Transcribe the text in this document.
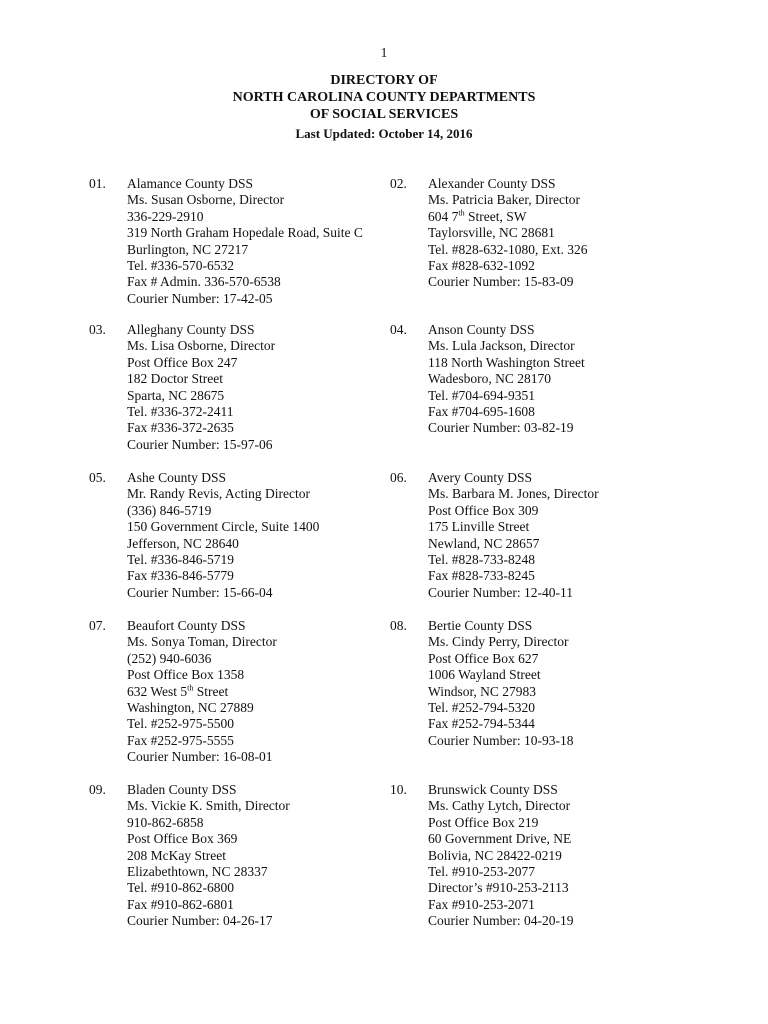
1
DIRECTORY OF
NORTH CAROLINA COUNTY DEPARTMENTS
OF SOCIAL SERVICES
Last Updated: October 14, 2016
01. Alamance County DSS
Ms. Susan Osborne, Director
336-229-2910
319 North Graham Hopedale Road, Suite C
Burlington, NC 27217
Tel. #336-570-6532
Fax # Admin. 336-570-6538
Courier Number: 17-42-05
02. Alexander County DSS
Ms. Patricia Baker, Director
604 7th Street, SW
Taylorsville, NC 28681
Tel. #828-632-1080, Ext. 326
Fax #828-632-1092
Courier Number: 15-83-09
03. Alleghany County DSS
Ms. Lisa Osborne, Director
Post Office Box 247
182 Doctor Street
Sparta, NC 28675
Tel. #336-372-2411
Fax #336-372-2635
Courier Number: 15-97-06
04. Anson County DSS
Ms. Lula Jackson, Director
118 North Washington Street
Wadesboro, NC 28170
Tel. #704-694-9351
Fax #704-695-1608
Courier Number: 03-82-19
05. Ashe County DSS
Mr. Randy Revis, Acting Director
(336) 846-5719
150 Government Circle, Suite 1400
Jefferson, NC 28640
Tel. #336-846-5719
Fax #336-846-5779
Courier Number: 15-66-04
06. Avery County DSS
Ms. Barbara M. Jones, Director
Post Office Box 309
175 Linville Street
Newland, NC 28657
Tel. #828-733-8248
Fax #828-733-8245
Courier Number: 12-40-11
07. Beaufort County DSS
Ms. Sonya Toman, Director
(252) 940-6036
Post Office Box 1358
632 West 5th Street
Washington, NC 27889
Tel. #252-975-5500
Fax #252-975-5555
Courier Number: 16-08-01
08. Bertie County DSS
Ms. Cindy Perry, Director
Post Office Box 627
1006 Wayland Street
Windsor, NC 27983
Tel. #252-794-5320
Fax #252-794-5344
Courier Number: 10-93-18
09. Bladen County DSS
Ms. Vickie K. Smith, Director
910-862-6858
Post Office Box 369
208 McKay Street
Elizabethtown, NC 28337
Tel. #910-862-6800
Fax #910-862-6801
Courier Number: 04-26-17
10. Brunswick County DSS
Ms. Cathy Lytch, Director
Post Office Box 219
60 Government Drive, NE
Bolivia, NC 28422-0219
Tel. #910-253-2077
Director’s #910-253-2113
Fax #910-253-2071
Courier Number: 04-20-19
